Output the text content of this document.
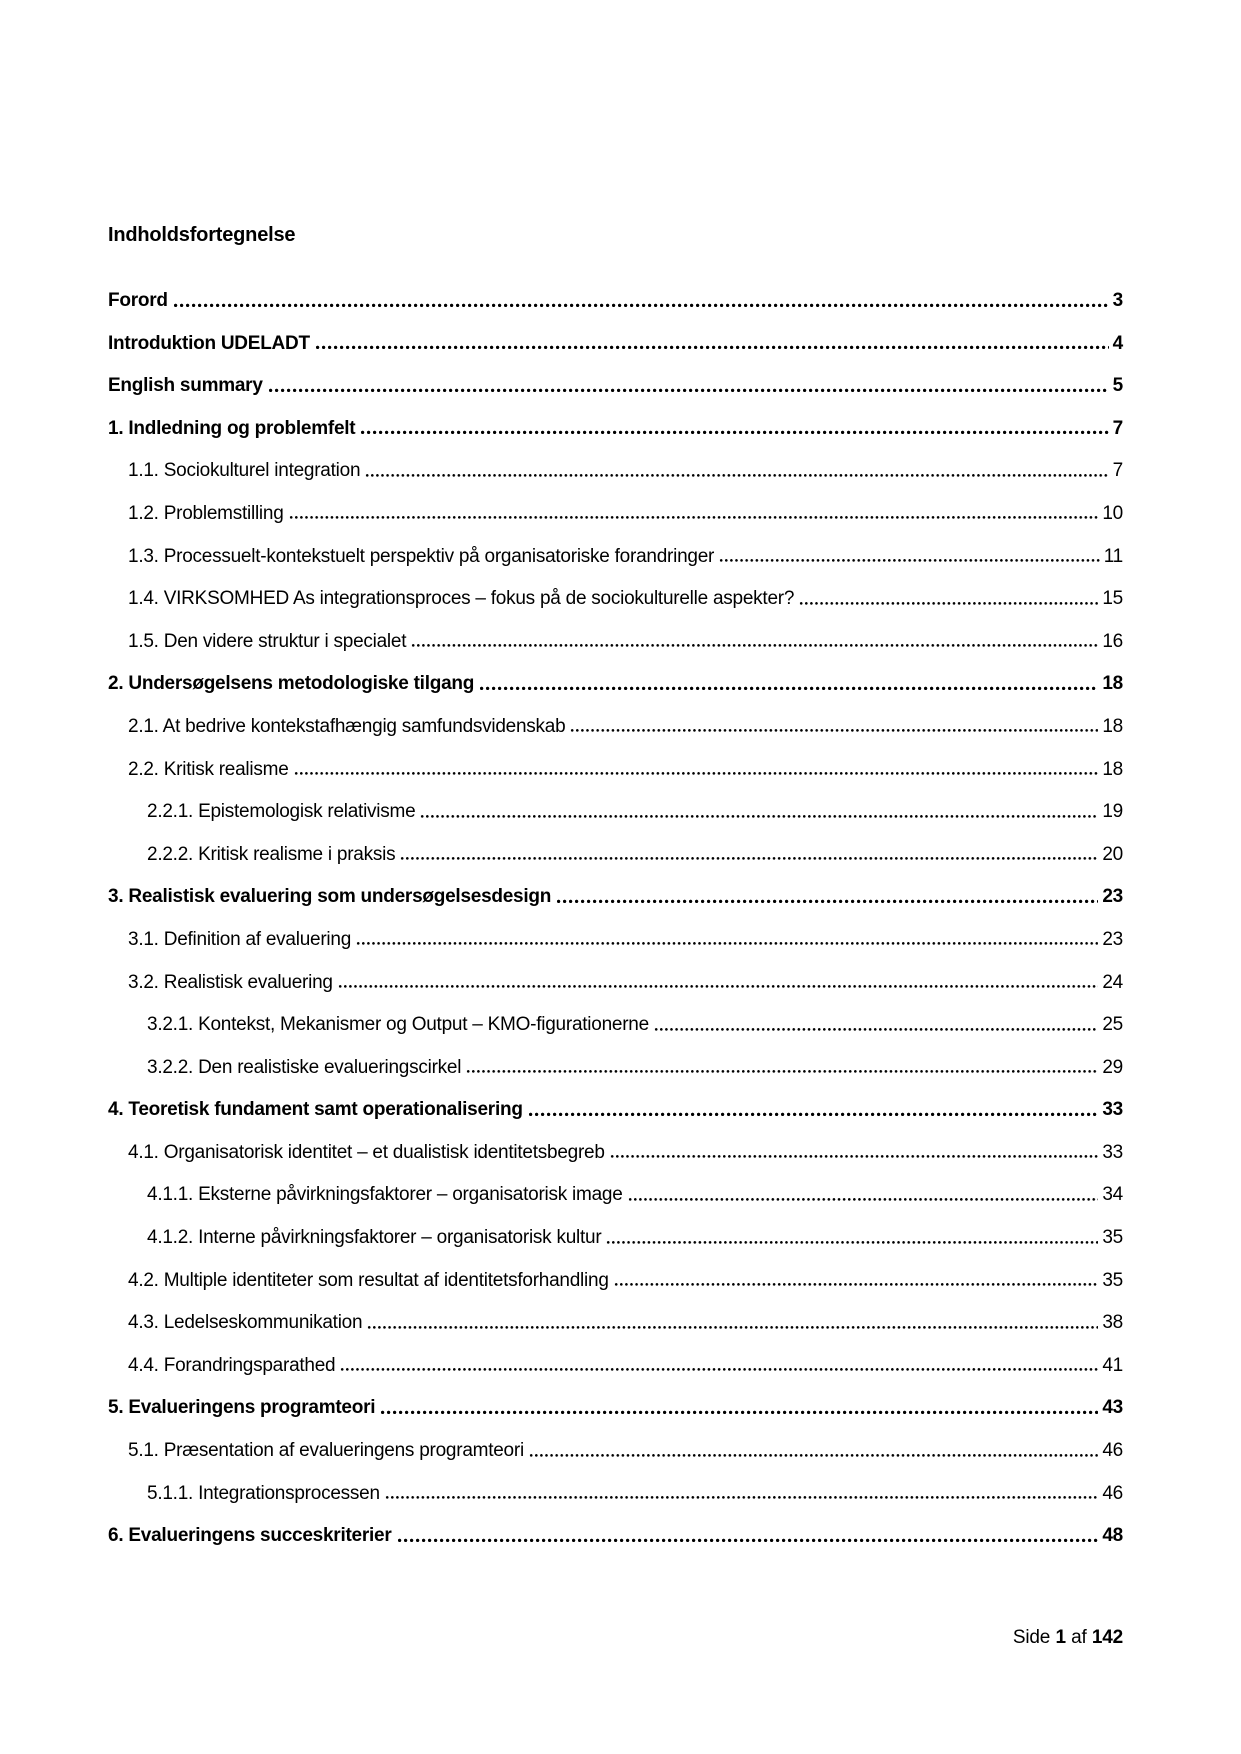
Indholdsfortegnelse
Forord	3
Introduktion UDELADT	4
English summary	5
1. Indledning og problemfelt	7
1.1. Sociokulturel integration	7
1.2. Problemstilling	10
1.3. Processuelt-kontekstuelt perspektiv på organisatoriske forandringer	11
1.4. VIRKSOMHED As integrationsproces – fokus på de sociokulturelle aspekter?	15
1.5. Den videre struktur i specialet	16
2. Undersøgelsens metodologiske tilgang	18
2.1. At bedrive kontekstafhængig samfundsvidenskab	18
2.2. Kritisk realisme	18
2.2.1. Epistemologisk relativisme	19
2.2.2. Kritisk realisme i praksis	20
3. Realistisk evaluering som undersøgelsesdesign	23
3.1. Definition af evaluering	23
3.2. Realistisk evaluering	24
3.2.1. Kontekst, Mekanismer og Output – KMO-figurationerne	25
3.2.2. Den realistiske evalueringscirkel	29
4. Teoretisk fundament samt operationalisering	33
4.1. Organisatorisk identitet – et dualistisk identitetsbegreb	33
4.1.1. Eksterne påvirkningsfaktorer – organisatorisk image	34
4.1.2. Interne påvirkningsfaktorer – organisatorisk kultur	35
4.2. Multiple identiteter som resultat af identitetsforhandling	35
4.3. Ledelseskommunikation	38
4.4. Forandringsparathed	41
5. Evalueringens programteori	43
5.1. Præsentation af evalueringens programteori	46
5.1.1. Integrationsprocessen	46
6. Evalueringens succeskriterier	48
Side 1 af 142
